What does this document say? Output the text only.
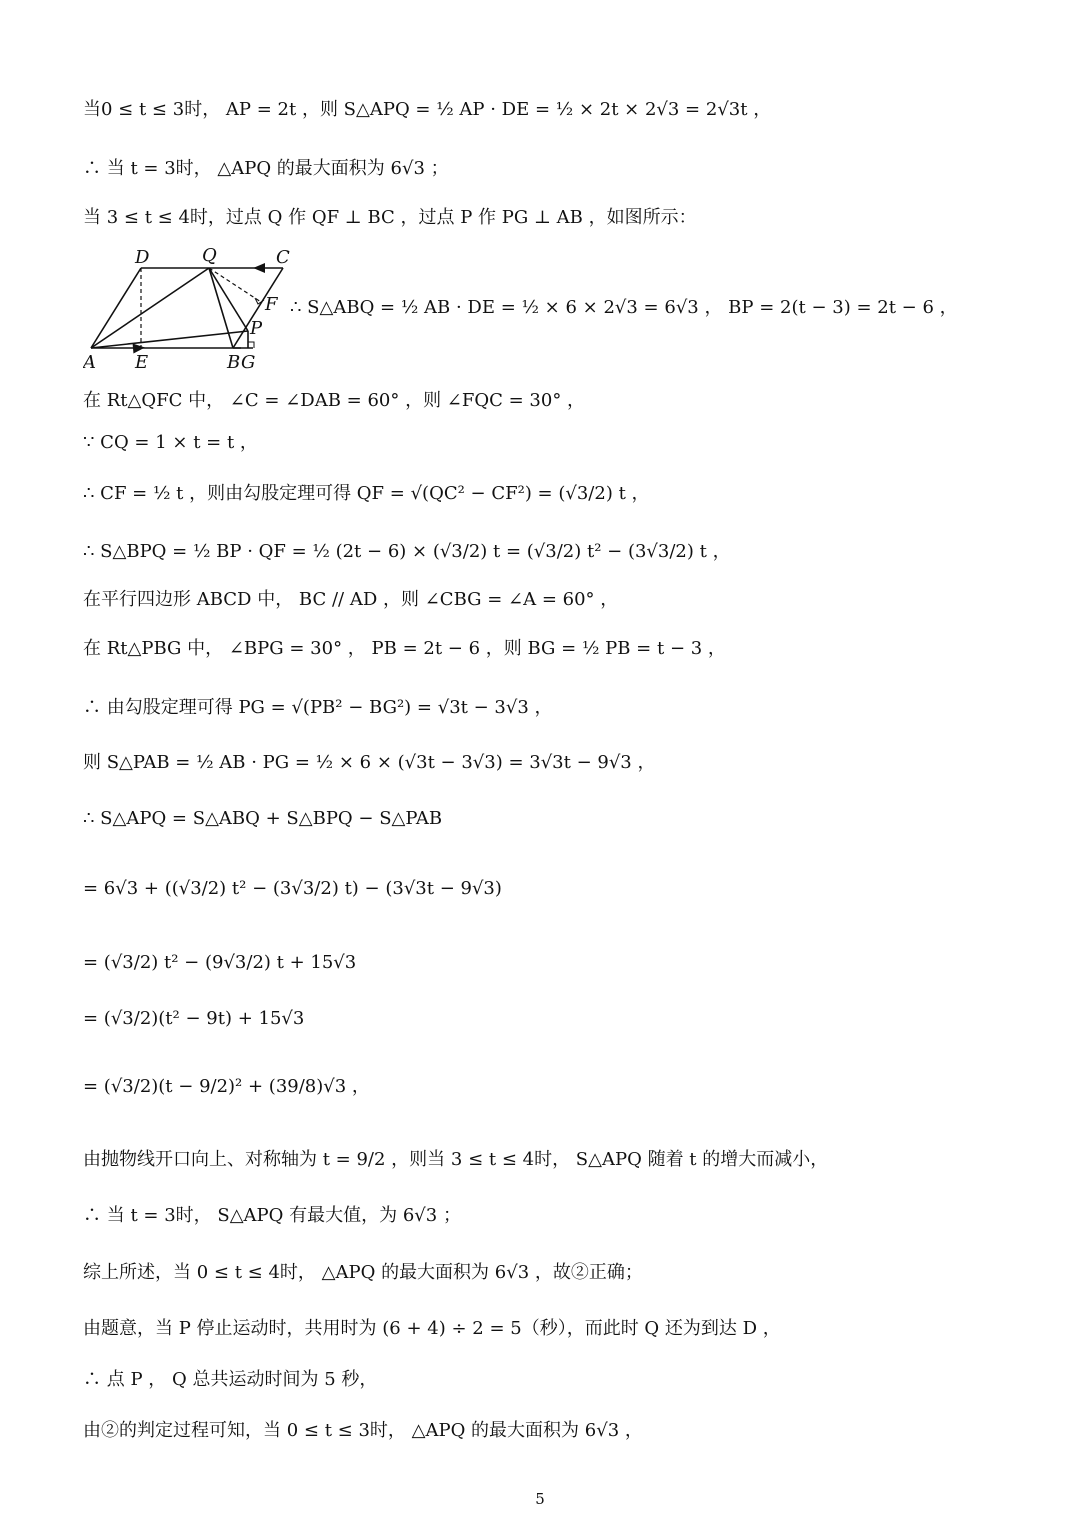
当0 ≤ t ≤ 3时， AP = 2t ，则 S△APQ = ½ AP · DE = ½ × 2t × 2√3 = 2√3t ，
∴ 当 t = 3时， △APQ 的最大面积为 6√3 ；
当 3 ≤ t ≤ 4时，过点 Q 作 QF ⊥ BC ，过点 P 作 PG ⊥ AB ，如图所示：
D	Q	C
F
P
A E	B G
∴ S△ABQ = ½ AB · DE = ½ × 6 × 2√3 = 6√3 ， BP = 2(t − 3) = 2t − 6 ，
在 Rt△QFC 中， ∠C = ∠DAB = 60° ，则 ∠FQC = 30° ，
∵ CQ = 1 × t = t ，
∴ CF = ½ t ，则由勾股定理可得 QF = √(QC² − CF²) = (√3/2) t ，
∴ S△BPQ = ½ BP · QF = ½ (2t − 6) × (√3/2) t = (√3/2) t² − (3√3/2) t ，
在平行四边形 ABCD 中， BC // AD ，则 ∠CBG = ∠A = 60° ，
在 Rt△PBG 中， ∠BPG = 30° ， PB = 2t − 6 ，则 BG = ½ PB = t − 3 ，
∴ 由勾股定理可得 PG = √(PB² − BG²) = √3t − 3√3 ，
则 S△PAB = ½ AB · PG = ½ × 6 × (√3t − 3√3) = 3√3t − 9√3 ，
∴ S△APQ = S△ABQ + S△BPQ − S△PAB
= 6√3 + ((√3/2) t² − (3√3/2) t) − (3√3t − 9√3)
= (√3/2) t² − (9√3/2) t + 15√3
= (√3/2)(t² − 9t) + 15√3
= (√3/2)(t − 9/2)² + (39/8)√3 ，
由抛物线开口向上、对称轴为 t = 9/2 ，则当 3 ≤ t ≤ 4时， S△APQ 随着 t 的增大而减小，
∴ 当 t = 3时， S△APQ 有最大值，为 6√3 ；
综上所述，当 0 ≤ t ≤ 4时， △APQ 的最大面积为 6√3 ，故②正确；
由题意，当 P 停止运动时，共用时为 (6 + 4) ÷ 2 = 5（秒），而此时 Q 还为到达 D ，
∴ 点 P ， Q 总共运动时间为 5 秒，
由②的判定过程可知，当 0 ≤ t ≤ 3时， △APQ 的最大面积为 6√3 ，
5
